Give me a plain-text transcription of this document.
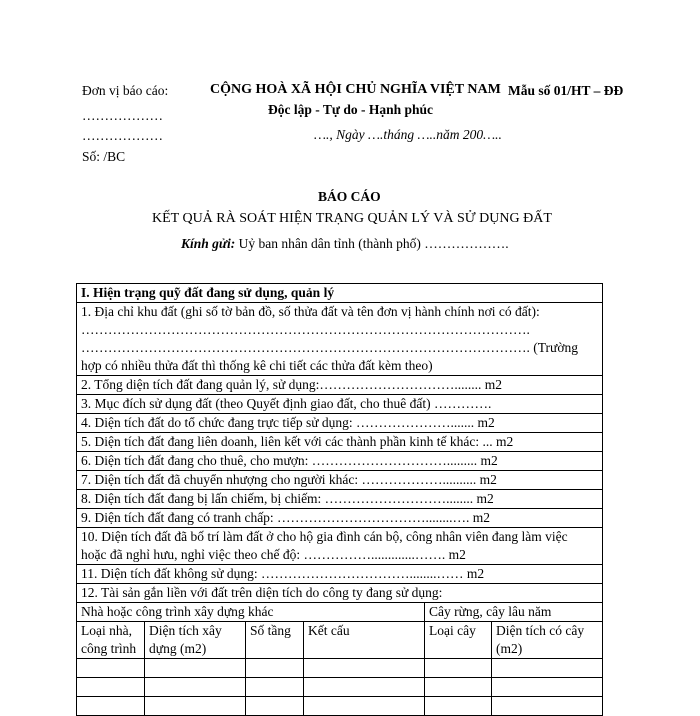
Đơn vị báo cáo:
………………
………………
Số: /BC
CỘNG HOÀ XÃ HỘI CHỦ NGHĨA VIỆT NAM
Độc lập - Tự do - Hạnh phúc
Mẫu số 01/HT – ĐĐ
…., Ngày ….tháng …..năm 200…..
BÁO CÁO
KẾT QUẢ RÀ SOÁT HIỆN TRẠNG QUẢN LÝ VÀ SỬ DỤNG ĐẤT
Kính gửi: Uỷ ban nhân dân tỉnh (thành phố) ……………….
I. Hiện trạng quỹ đất đang sử dụng, quản lý					

1. Địa chỉ khu đất (ghi số tờ bản đồ, số thửa đất và tên đơn vị hành chính nơi có đất):
……………………………………………………………………………………….
………………………………………………………………………………………. (Trường
hợp có nhiều thửa đất thì thống kê chi tiết các thửa đất kèm theo)					

2. Tổng diện tích đất đang quản lý, sử dụng:…………………………........ m2					
3. Mục đích sử dụng đất (theo Quyết định giao đất, cho thuê đất) ………….					
4. Diện tích đất do tổ chức đang trực tiếp sử dụng: …………………....... m2					
5. Diện tích đất đang liên doanh, liên kết với các thành phần kinh tế khác: ... m2					
6. Diện tích đất đang cho thuê, cho mượn: …………………………......... m2					
7. Diện tích đất đã chuyển nhượng cho người khác: ……………….......... m2					
8. Diện tích đất đang bị lấn chiếm, bị chiếm: ………………………........ m2					
9. Diện tích đất đang có tranh chấp: ……………………………........…. m2					

10. Diện tích đất đã bố trí làm đất ở cho hộ gia đình cán bộ, công nhân viên đang làm việc
hoặc đã nghỉ hưu, nghỉ việc theo chế độ: …………….............……. m2					

11. Diện tích đất không sử dụng: ……………………………........…… m2					
12. Tài sản gắn liền với đất trên diện tích do công ty đang sử dụng:					
Nhà hoặc công trình xây dựng khác				Cây rừng, cây lâu năm	
Loại nhà, công trình	Diện tích xây dựng (m2)	Số tầng	Kết cấu	Loại cây	Diện tích có cây (m2)
